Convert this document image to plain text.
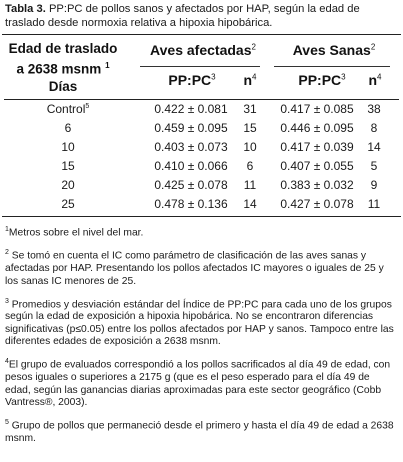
Tabla 3. PP:PC de pollos sanos y afectados por HAP, según la edad de traslado desde normoxia relativa a hipoxia hipobárica.

Edad de traslado
a 2638 msnm $^1$
Días
Aves afectadas$^2$	Aves Sanas$^2$
$PP:PC^3$	$n^4$	$PP:PC^3$	$n^4$
Control$^5$	0.422 ± 0.081	31	0.417 ± 0.085	38
6	0.459 ± 0.095	15	0.446 ± 0.095	8
10	0.403 ± 0.073	10	0.417 ± 0.039	14
15	0.410 ± 0.066	6	0.407 ± 0.055	5
20	0.425 ± 0.078	11	0.383 ± 0.032	9
25	0.478 ± 0.136	14	0.427 ± 0.078	11

$^1$Metros sobre el nivel del mar.

$^2$ Se tomó en cuenta el IC como parámetro de clasificación de las aves sanas y afectadas por HAP. Presentando los pollos afectados IC mayores o iguales de 25 y los sanas IC menores de 25.

$^3$ Promedios y desviación estándar del Índice de PP:PC para cada uno de los grupos según la edad de exposición a hipoxia hipobárica. No se encontraron diferencias significativas (p≤0.05) entre los pollos afectados por HAP y sanos. Tampoco entre las diferentes edades de exposición a 2638 msnm.

$^4$El grupo de evaluados correspondió a los pollos sacrificados al día 49 de edad, con pesos iguales o superiores a 2175 g (que es el peso esperado para el día 49 de edad, según las ganancias diarias aproximadas para este sector geográfico (Cobb Vantress®, 2003).

$^5$ Grupo de pollos que permaneció desde el primero y hasta el día 49 de edad a 2638 msnm.
